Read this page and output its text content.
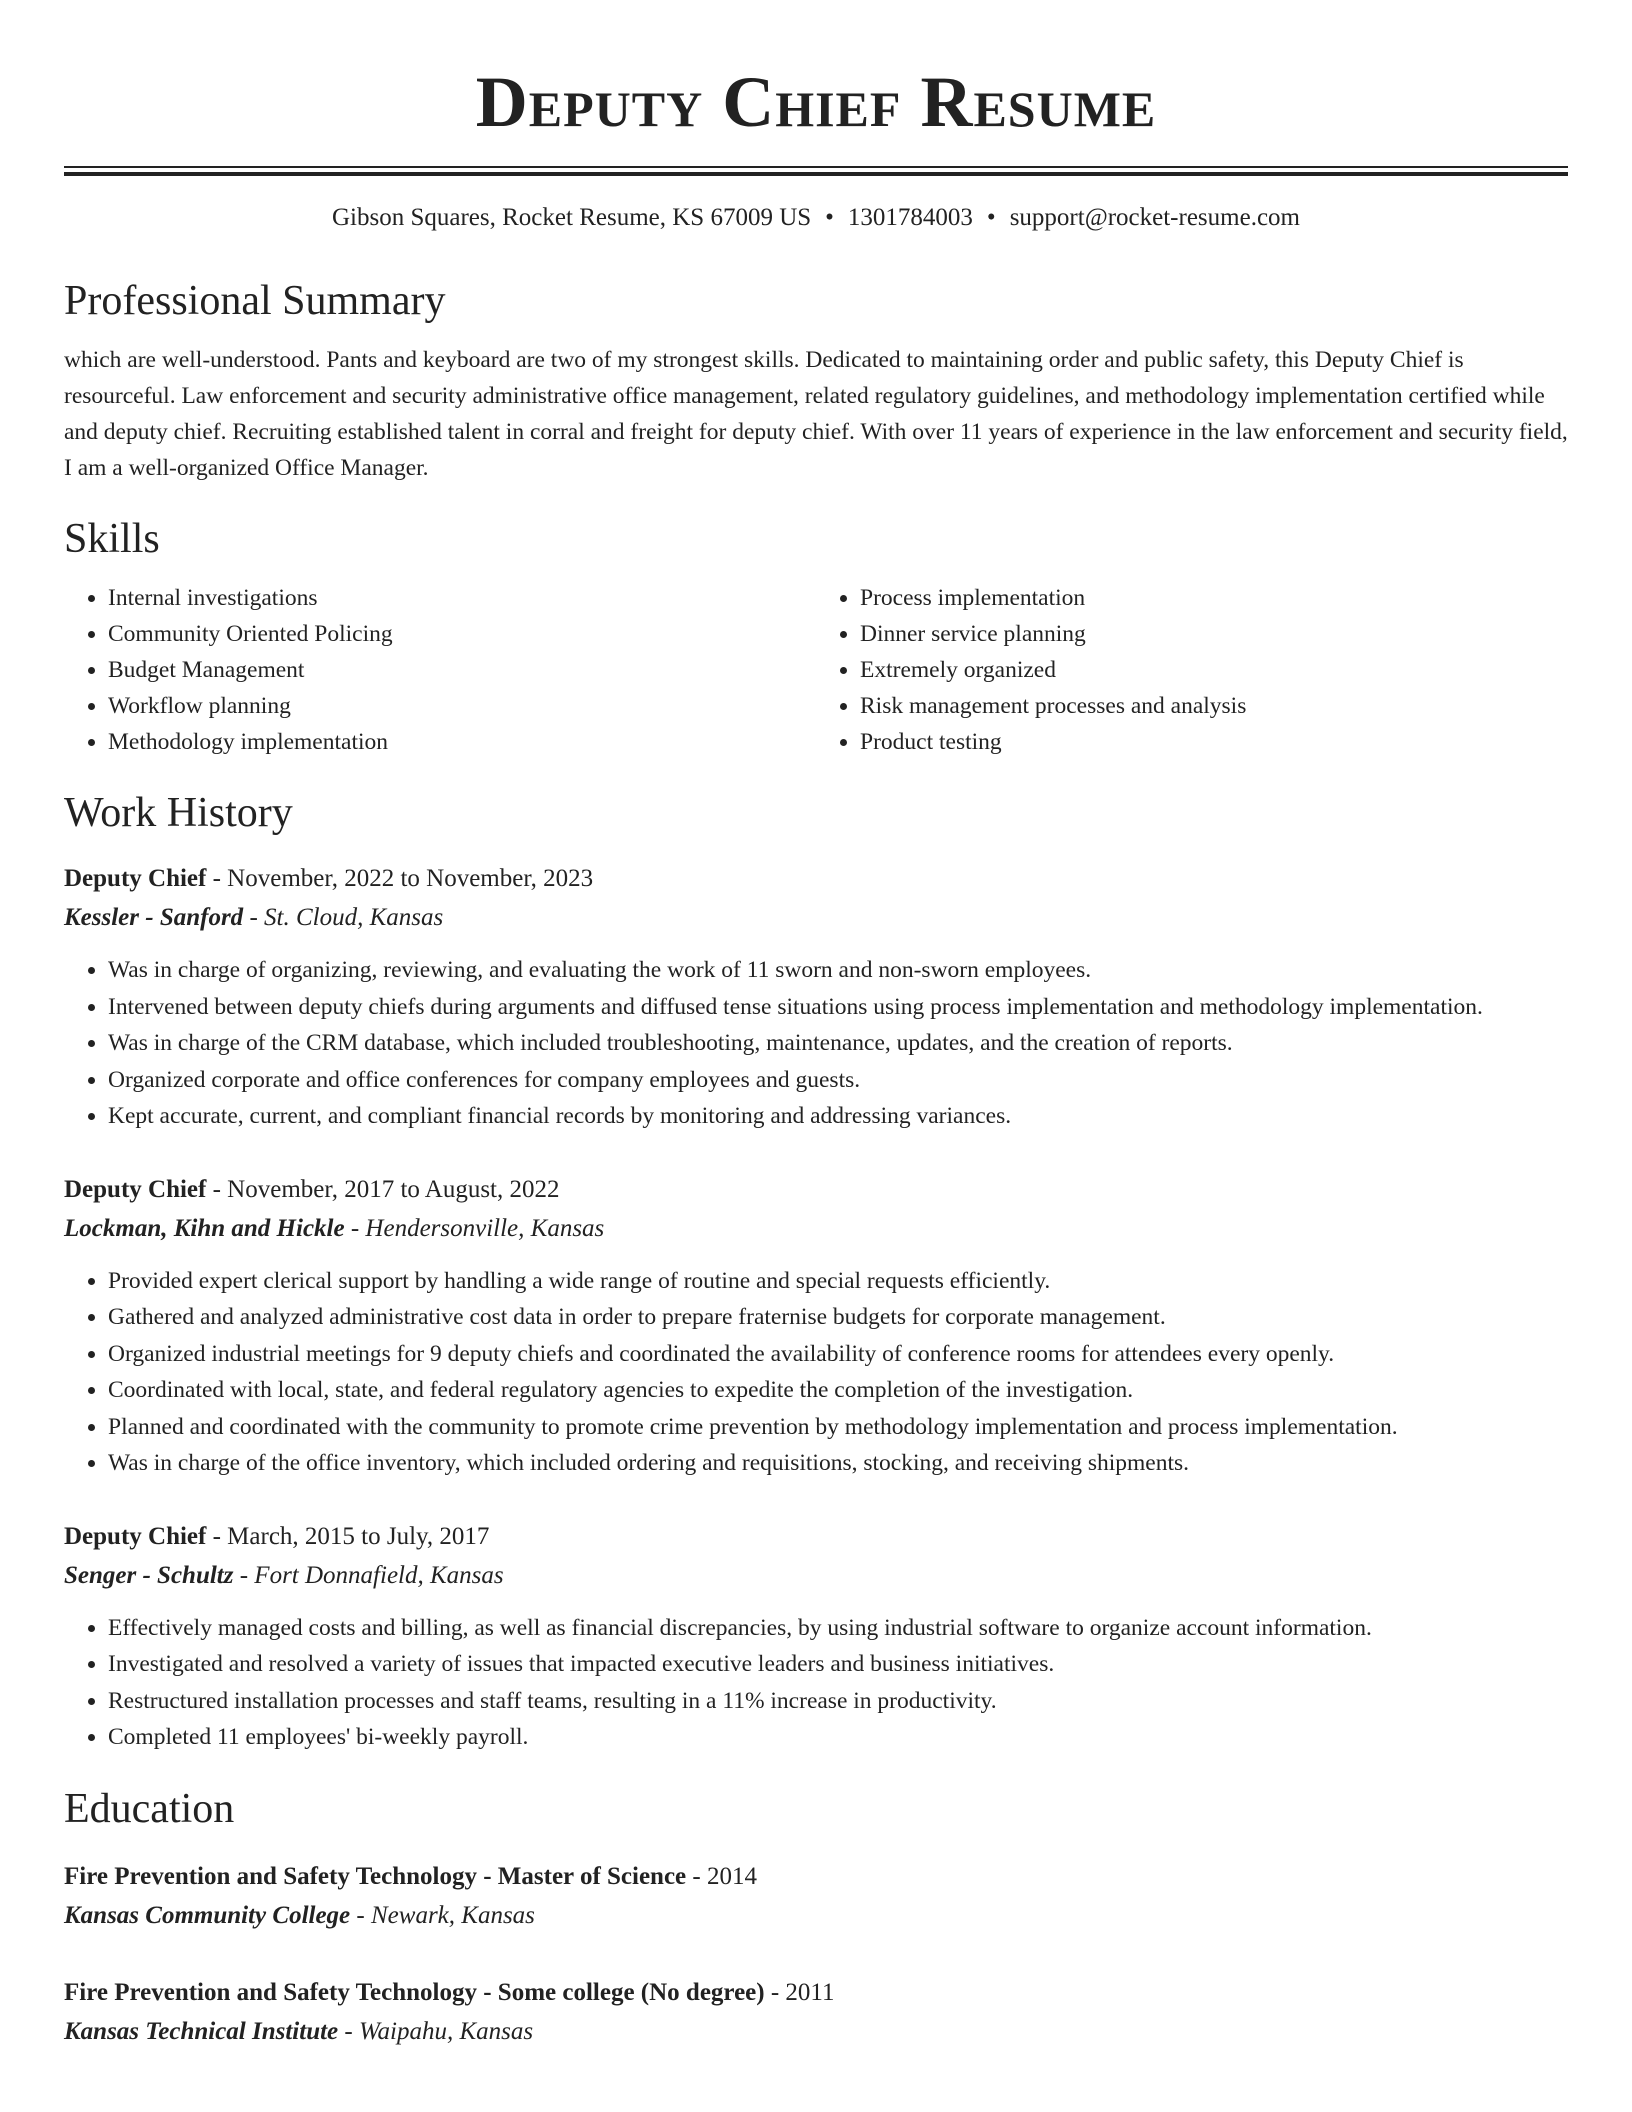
Deputy Chief Resume
Gibson Squares, Rocket Resume, KS 67009 US • 1301784003 • support@rocket-resume.com
Professional Summary

which are well-understood. Pants and keyboard are two of my strongest skills. Dedicated to maintaining order and public safety, this Deputy Chief is resourceful. Law enforcement and security administrative office management, related regulatory guidelines, and methodology implementation certified while and deputy chief. Recruiting established talent in corral and freight for deputy chief. With over 11 years of experience in the law enforcement and security field, I am a well-organized Office Manager.

Skills
• Internal investigations
• Community Oriented Policing
• Budget Management
• Workflow planning
• Methodology implementation
• Process implementation
• Dinner service planning
• Extremely organized
• Risk management processes and analysis
• Product testing
Work History
Deputy Chief - November, 2022 to November, 2023
Kessler - Sanford - St. Cloud, Kansas
• Was in charge of organizing, reviewing, and evaluating the work of 11 sworn and non-sworn employees.
• Intervened between deputy chiefs during arguments and diffused tense situations using process implementation and methodology implementation.
• Was in charge of the CRM database, which included troubleshooting, maintenance, updates, and the creation of reports.
• Organized corporate and office conferences for company employees and guests.
• Kept accurate, current, and compliant financial records by monitoring and addressing variances.
Deputy Chief - November, 2017 to August, 2022
Lockman, Kihn and Hickle - Hendersonville, Kansas
• Provided expert clerical support by handling a wide range of routine and special requests efficiently.
• Gathered and analyzed administrative cost data in order to prepare fraternise budgets for corporate management.
• Organized industrial meetings for 9 deputy chiefs and coordinated the availability of conference rooms for attendees every openly.
• Coordinated with local, state, and federal regulatory agencies to expedite the completion of the investigation.
• Planned and coordinated with the community to promote crime prevention by methodology implementation and process implementation.
• Was in charge of the office inventory, which included ordering and requisitions, stocking, and receiving shipments.
Deputy Chief - March, 2015 to July, 2017
Senger - Schultz - Fort Donnafield, Kansas
• Effectively managed costs and billing, as well as financial discrepancies, by using industrial software to organize account information.
• Investigated and resolved a variety of issues that impacted executive leaders and business initiatives.
• Restructured installation processes and staff teams, resulting in a 11% increase in productivity.
• Completed 11 employees' bi-weekly payroll.
Education
Fire Prevention and Safety Technology - Master of Science - 2014
Kansas Community College - Newark, Kansas
Fire Prevention and Safety Technology - Some college (No degree) - 2011
Kansas Technical Institute - Waipahu, Kansas
